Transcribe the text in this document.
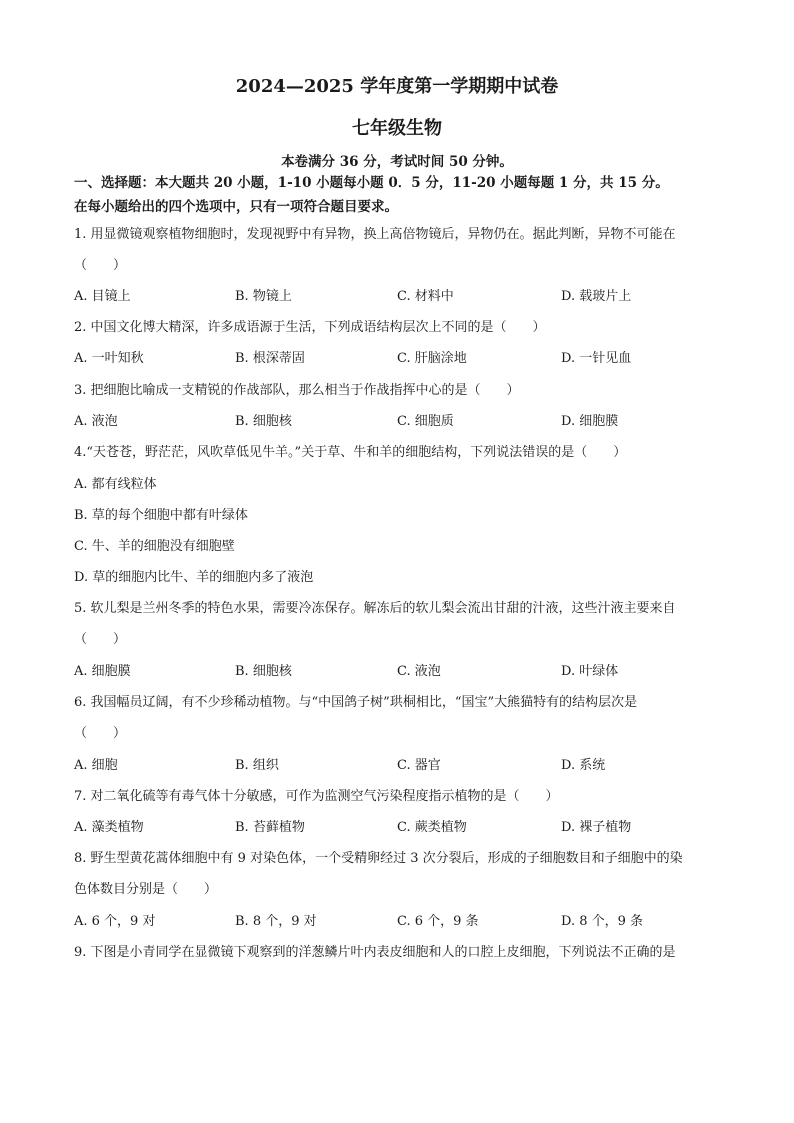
2024—2025 学年度第一学期期中试卷
七年级生物
本卷满分 36 分，考试时间 50 分钟。
一、选择题：本大题共 20 小题，1-10 小题每小题 0．5 分，11-20 小题每题 1 分，共 15 分。
在每小题给出的四个选项中，只有一项符合题目要求。
1. 用显微镜观察植物细胞时，发现视野中有异物，换上高倍物镜后，异物仍在。据此判断，异物不可能在
（　　）
A. 目镜上	B. 物镜上	C. 材料中	D. 载玻片上
2. 中国文化博大精深，许多成语源于生活，下列成语结构层次上不同的是（　　）
A. 一叶知秋	B. 根深蒂固	C. 肝脑涂地	D. 一针见血
3. 把细胞比喻成一支精锐的作战部队，那么相当于作战指挥中心的是（　　）
A. 液泡	B. 细胞核	C. 细胞质	D. 细胞膜
4.“天苍苍，野茫茫，风吹草低见牛羊。”关于草、牛和羊的细胞结构，下列说法错误的是（　　）
A. 都有线粒体
B. 草的每个细胞中都有叶绿体
C. 牛、羊的细胞没有细胞壁
D. 草的细胞内比牛、羊的细胞内多了液泡
5. 软儿梨是兰州冬季的特色水果，需要冷冻保存。解冻后的软儿梨会流出甘甜的汁液，这些汁液主要来自
（　　）
A. 细胞膜	B. 细胞核	C. 液泡	D. 叶绿体
6. 我国幅员辽阔，有不少珍稀动植物。与“中国鸽子树”珙桐相比，“国宝”大熊猫特有的结构层次是
（　　）
A. 细胞	B. 组织	C. 器官	D. 系统
7. 对二氧化硫等有毒气体十分敏感，可作为监测空气污染程度指示植物的是（　　）
A. 藻类植物	B. 苔藓植物	C. 蕨类植物	D. 裸子植物
8. 野生型黄花蒿体细胞中有 9 对染色体，一个受精卵经过 3 次分裂后，形成的子细胞数目和子细胞中的染
色体数目分别是（　　）
A. 6 个，9 对	B. 8 个，9 对	C. 6 个，9 条	D. 8 个，9 条
9. 下图是小青同学在显微镜下观察到的洋葱鳞片叶内表皮细胞和人的口腔上皮细胞，下列说法不正确的是
